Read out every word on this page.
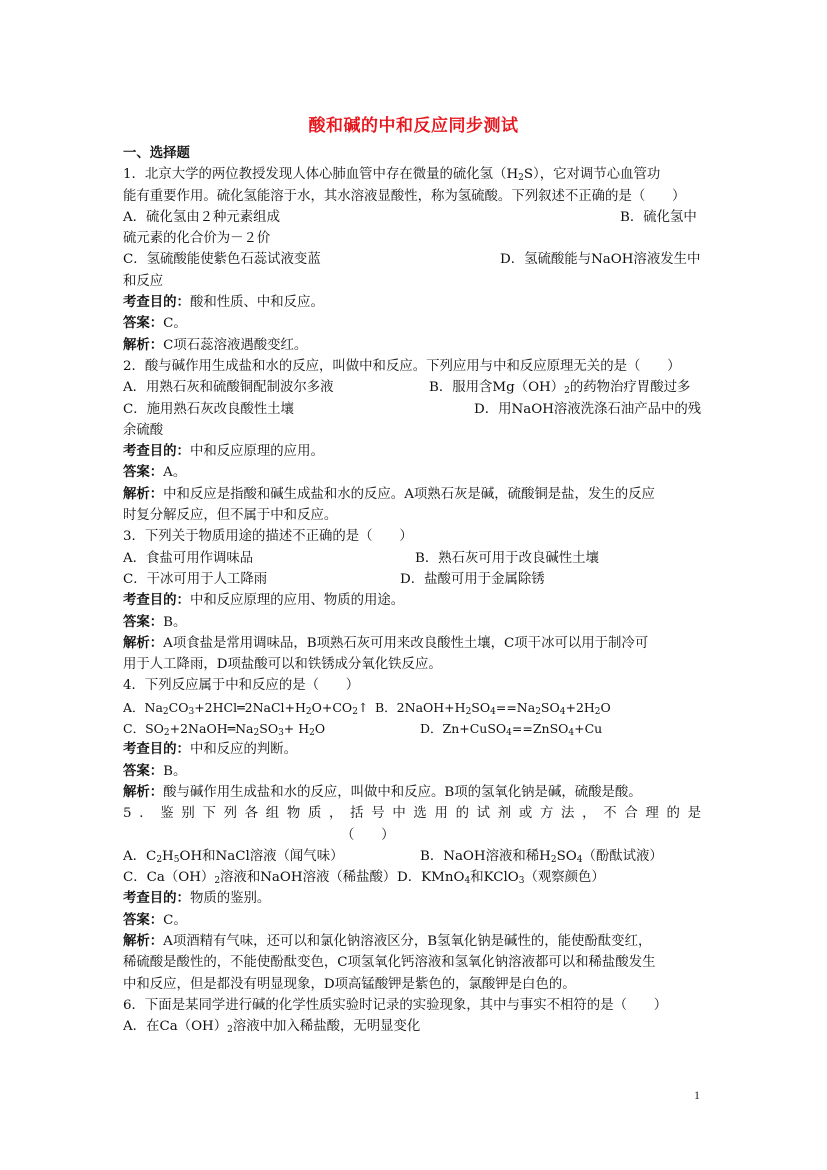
酸和碱的中和反应同步测试
一、选择题
1．北京大学的两位教授发现人体心肺血管中存在微量的硫化氢$(H_2S)$，它对调节心血管功
能有重要作用。硫化氢能溶于水，其水溶液显酸性，称为氢硫酸。下列叙述不正确的是（　　）
A．硫化氢由２种元素组成	B．硫化氢中
硫元素的化合价为－２价
C．氢硫酸能使紫色石蕊试液变蓝	D．氢硫酸能与NaOH溶液发生中
和反应
考查目的：酸和性质、中和反应。
答案：C。
解析：C项石蕊溶液遇酸变红。
2．酸与碱作用生成盐和水的反应，叫做中和反应。下列应用与中和反应原理无关的是（　　）
A．用熟石灰和硫酸铜配制波尔多液	B．服用含$Mg(OH)_2$的药物治疗胃酸过多
C．施用熟石灰改良酸性土壤	D．用NaOH溶液洗涤石油产品中的残
余硫酸
考查目的：中和反应原理的应用。
答案：A。
解析：中和反应是指酸和碱生成盐和水的反应。A项熟石灰是碱，硫酸铜是盐，发生的反应
时复分解反应，但不属于中和反应。
3．下列关于物质用途的描述不正确的是（　　）
A．食盐可用作调味品	B．熟石灰可用于改良碱性土壤
C．干冰可用于人工降雨	D．盐酸可用于金属除锈
考查目的：中和反应原理的应用、物质的用途。
答案：B。
解析：A项食盐是常用调味品，B项熟石灰可用来改良酸性土壤，C项干冰可以用于制冷可
用于人工降雨，D项盐酸可以和铁锈成分氧化铁反应。
4．下列反应属于中和反应的是（　　）
A．$Na_2CO_3+2HCl═2NaCl+H_2O+CO_2↑$ B．$2NaOH+H_2SO_4==Na_2SO_4+2H_2O$
C．$SO_2+2NaOH═Na_2SO_3+ H_2O$	D．Zn+CuSO$_4$==ZnSO$_4$+Cu
考查目的：中和反应的判断。
答案：B。
解析：酸与碱作用生成盐和水的反应，叫做中和反应。B项的氢氧化钠是碱，硫酸是酸。
5．鉴别下列各组物质，括号中选用的试剂或方法，不合理的是
（　　）
A．$C_2H_5OH$和NaCl溶液（闻气味）	B．NaOH溶液和稀$H_2SO_4$（酚酞试液）
C．$Ca(OH)_2$溶液和NaOH溶液（稀盐酸） D．KMnO$_4$和KClO$_3$（观察颜色）
考查目的：物质的鉴别。
答案：C。
解析：A项酒精有气味，还可以和氯化钠溶液区分，B氢氧化钠是碱性的，能使酚酞变红，
稀硫酸是酸性的，不能使酚酞变色，C项氢氧化钙溶液和氢氧化钠溶液都可以和稀盐酸发生
中和反应，但是都没有明显现象，D项高锰酸钾是紫色的，氯酸钾是白色的。
6．下面是某同学进行碱的化学性质实验时记录的实验现象，其中与事实不相符的是（　　）
A．在$Ca(OH)_2$溶液中加入稀盐酸，无明显变化
1
